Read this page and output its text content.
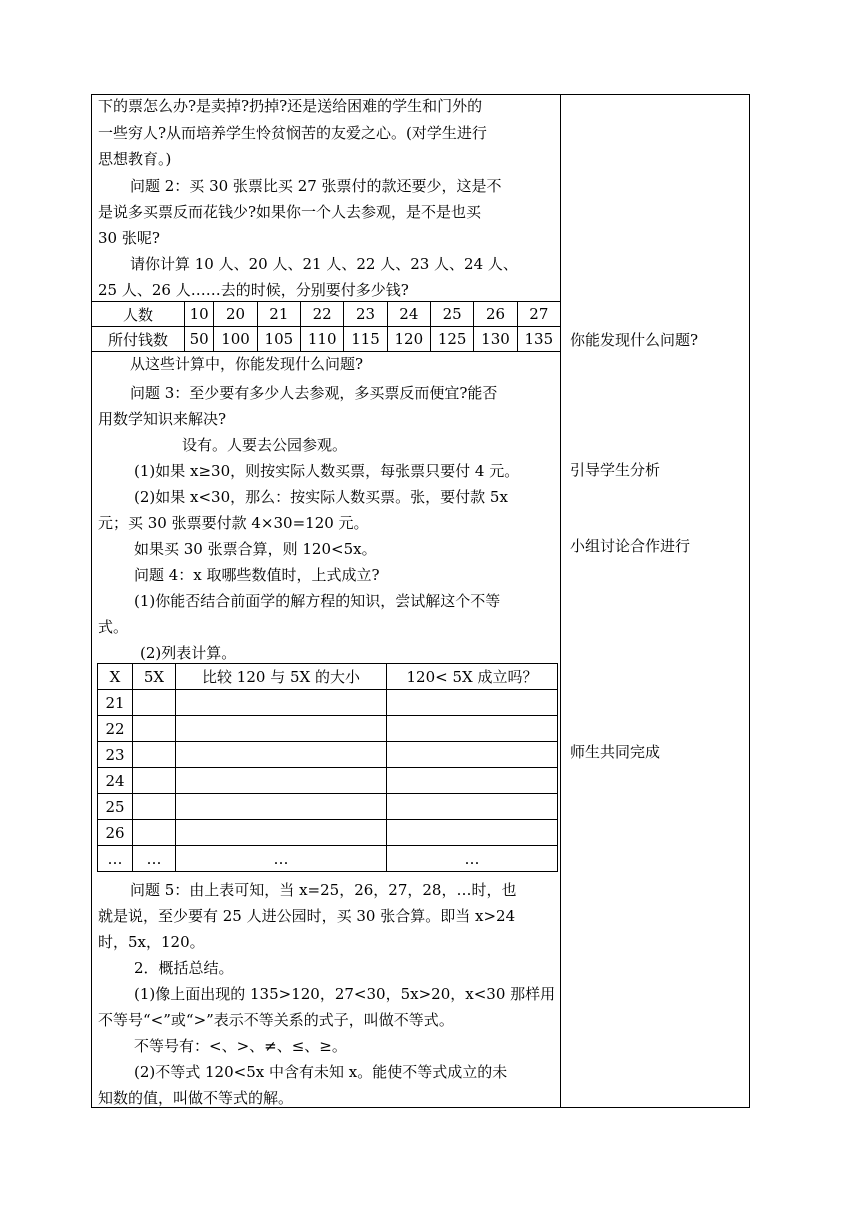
下的票怎么办?是卖掉?扔掉?还是送给困难的学生和门外的
一些穷人?从而培养学生怜贫悯苦的友爱之心。(对学生进行
思想教育。)
问题 2：买 30 张票比买 27 张票付的款还要少，这是不
是说多买票反而花钱少?如果你一个人去参观，是不是也买
30 张呢?
请你计算 10 人、20 人、21 人、22 人、23 人、24 人、
25 人、26 人……去的时候，分别要付多少钱?
人数	10	20	21	22	23	24	25	26	27
所付钱数	50	100	105	110	115	120	125	130	135
从这些计算中，你能发现什么问题?
问题 3：至少要有多少人去参观，多买票反而便宜?能否
用数学知识来解决?
设有。人要去公园参观。
(1)如果 x≥30，则按实际人数买票，每张票只要付 4 元。
(2)如果 x<30，那么：按实际人数买票。张，要付款 5x
元；买 30 张票要付款 4×30=120 元。
如果买 30 张票合算，则 120<5x。
问题 4：x 取哪些数值时，上式成立?
(1)你能否结合前面学的解方程的知识，尝试解这个不等
式。
(2)列表计算。
X	5X	比较 120 与 5X 的大小	120< 5X 成立吗？
21			
22			
23			
24			
25			
26			
…	…	…	…
问题 5：由上表可知，当 x=25，26，27，28，…时，也
就是说，至少要有 25 人进公园时，买 30 张合算。即当 x>24
时，5x，120。
2．概括总结。
(1)像上面出现的 135>120，27<30，5x>20，x<30 那样用
不等号“<”或“>”表示不等关系的式子，叫做不等式。
不等号有：<、>、≠、≤、≥。
(2)不等式 120<5x 中含有未知 x。能使不等式成立的未
知数的值，叫做不等式的解。
你能发现什么问题?
引导学生分析
小组讨论合作进行
师生共同完成
